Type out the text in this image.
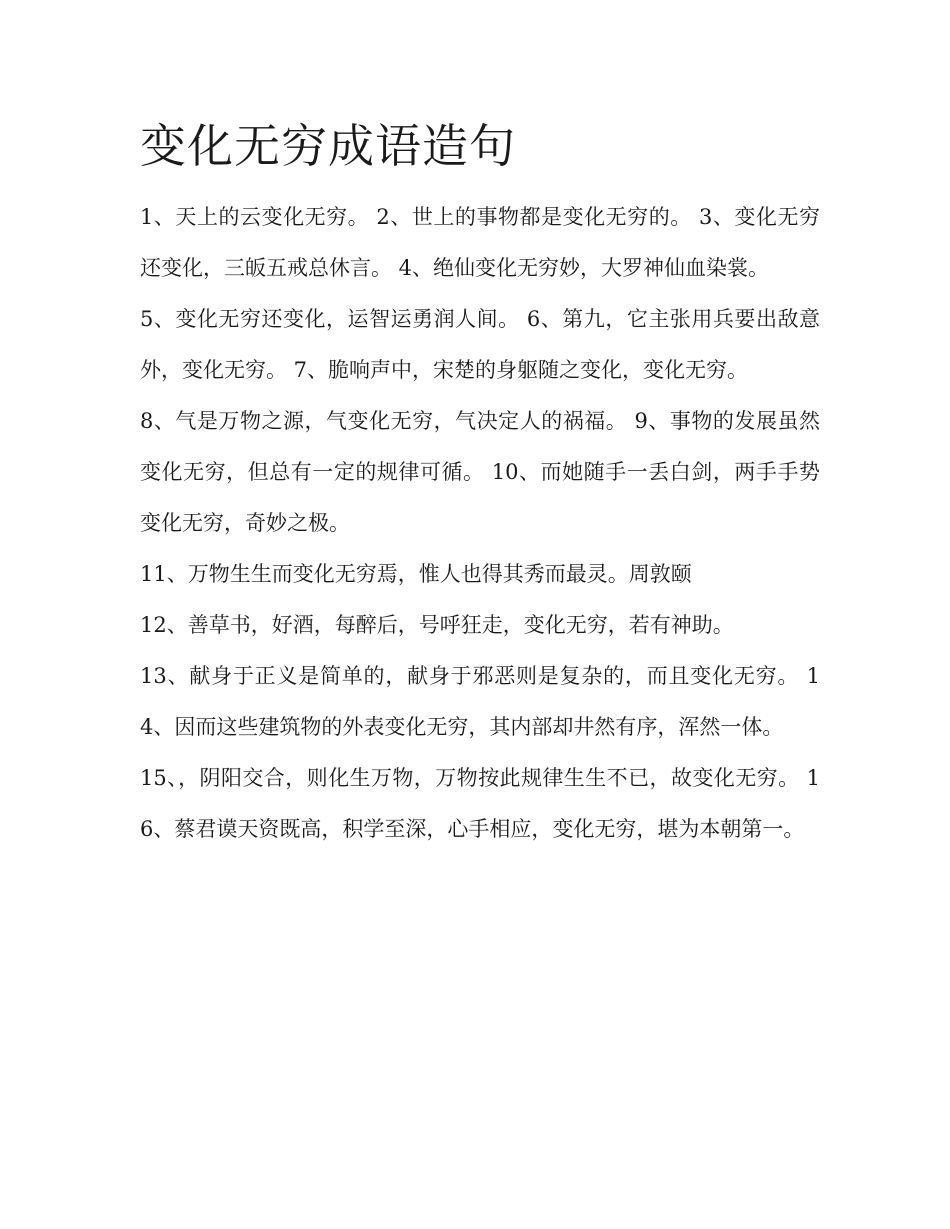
变化无穷成语造句

1、天上的云变化无穷。 2、世上的事物都是变化无穷的。 3、变化无穷还变化，三皈五戒总休言。 4、绝仙变化无穷妙，大罗神仙血染裳。

5、变化无穷还变化，运智运勇润人间。 6、第九，它主张用兵要出敌意外，变化无穷。 7、脆响声中，宋楚的身躯随之变化，变化无穷。

8、气是万物之源，气变化无穷，气决定人的祸福。 9、事物的发展虽然变化无穷，但总有一定的规律可循。 10、而她随手一丢白剑，两手手势变化无穷，奇妙之极。

11、万物生生而变化无穷焉，惟人也得其秀而最灵。周敦颐

12、善草书，好酒，每醉后，号呼狂走，变化无穷，若有神助。

13、献身于正义是简单的，献身于邪恶则是复杂的，而且变化无穷。 14、因而这些建筑物的外表变化无穷，其内部却井然有序，浑然一体。

15、，阴阳交合，则化生万物，万物按此规律生生不已，故变化无穷。 16、蔡君谟天资既高，积学至深，心手相应，变化无穷，堪为本朝第一。
